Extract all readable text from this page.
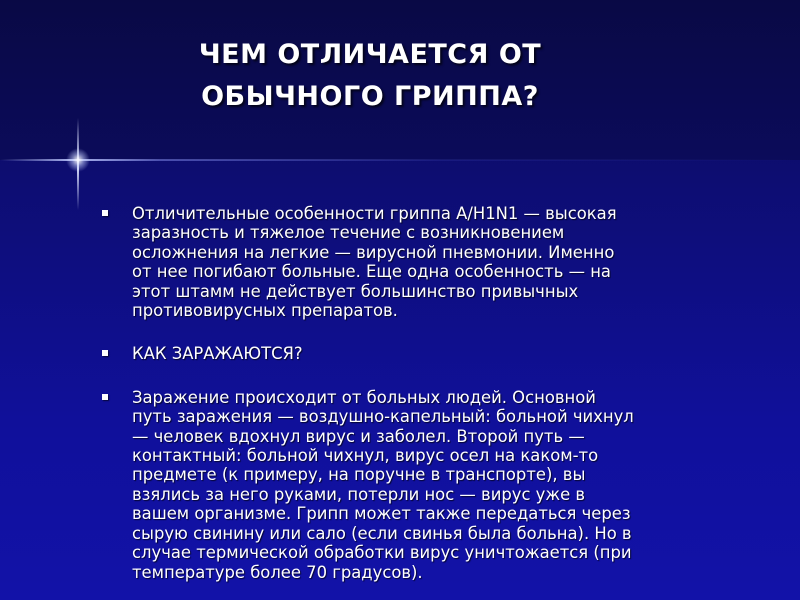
ЧЕМ ОТЛИЧАЕТСЯ ОТ
ОБЫЧНОГО ГРИППА?
Отличительные особенности гриппа A/H1N1 — высокая
заразность и тяжелое течение с возникновением
осложнения на легкие — вирусной пневмонии. Именно
от нее погибают больные. Еще одна особенность — на
этот штамм не действует большинство привычных
противовирусных препаратов.
КАК ЗАРАЖАЮТСЯ?
Заражение происходит от больных людей. Основной
путь заражения — воздушно-капельный: больной чихнул
— человек вдохнул вирус и заболел. Второй путь —
контактный: больной чихнул, вирус осел на каком-то
предмете (к примеру, на поручне в транспорте), вы
взялись за него руками, потерли нос — вирус уже в
вашем организме. Грипп может также передаться через
сырую свинину или сало (если свинья была больна). Но в
случае термической обработки вирус уничтожается (при
температуре более 70 градусов).
